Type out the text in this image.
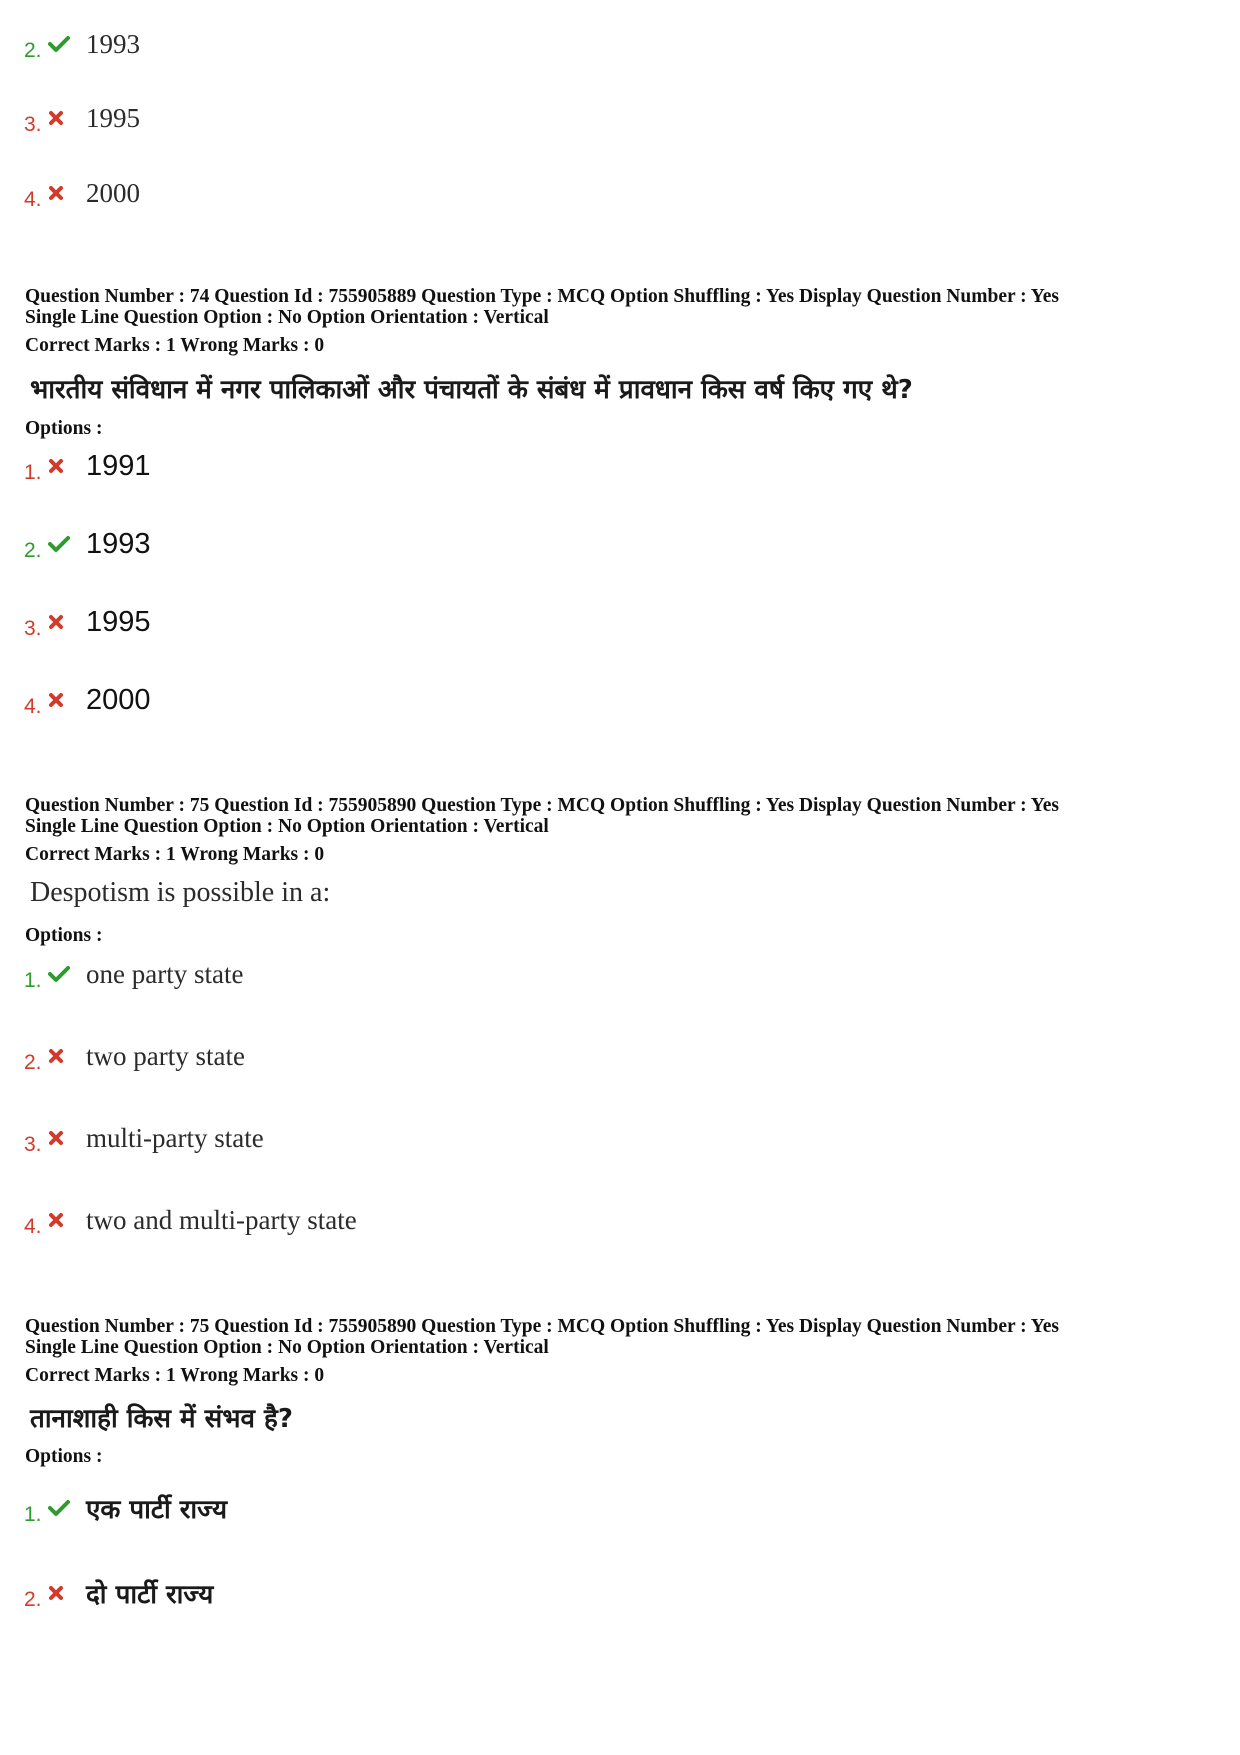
2. 1993
3. 1995
4. 2000
Question Number : 74 Question Id : 755905889 Question Type : MCQ Option Shuffling : Yes Display Question Number : Yes
Single Line Question Option : No Option Orientation : Vertical
Correct Marks : 1 Wrong Marks : 0
भारतीय संविधान में नगर पालिकाओं और पंचायतों के संबंध में प्रावधान किस वर्ष किए गए थे?
Options :
1. 1991
2. 1993
3. 1995
4. 2000
Question Number : 75 Question Id : 755905890 Question Type : MCQ Option Shuffling : Yes Display Question Number : Yes
Single Line Question Option : No Option Orientation : Vertical
Correct Marks : 1 Wrong Marks : 0
Despotism is possible in a:
Options :
1. one party state
2. two party state
3. multi-party state
4. two and multi-party state
Question Number : 75 Question Id : 755905890 Question Type : MCQ Option Shuffling : Yes Display Question Number : Yes
Single Line Question Option : No Option Orientation : Vertical
Correct Marks : 1 Wrong Marks : 0
तानाशाही किस में संभव है?
Options :
1. एक पार्टी राज्य
2. दो पार्टी राज्य
